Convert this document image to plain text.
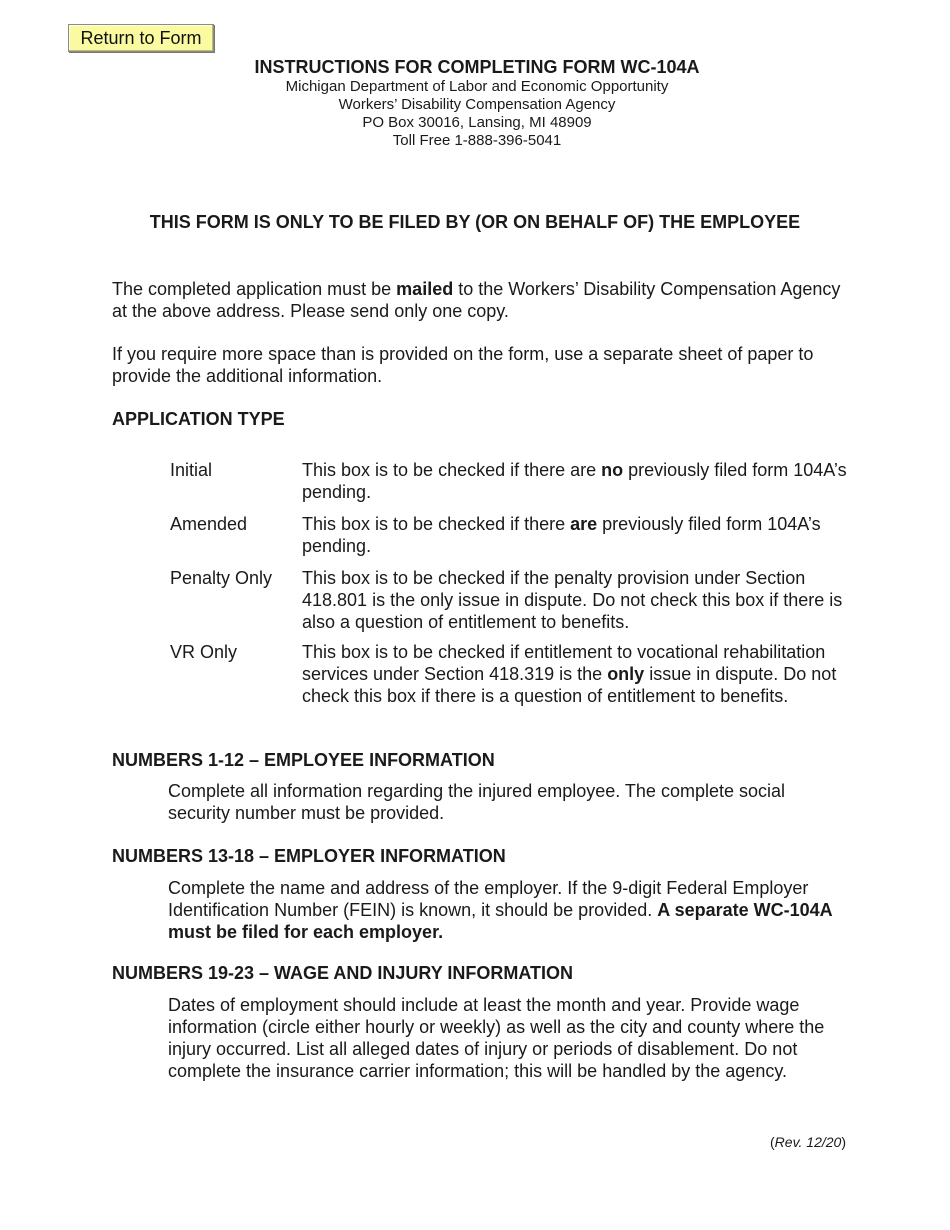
Return to Form
INSTRUCTIONS FOR COMPLETING FORM WC-104A
Michigan Department of Labor and Economic Opportunity
Workers’ Disability Compensation Agency
PO Box 30016, Lansing, MI 48909
Toll Free 1-888-396-5041
THIS FORM IS ONLY TO BE FILED BY (OR ON BEHALF OF) THE EMPLOYEE
The completed application must be mailed to the Workers’ Disability Compensation Agency at the above address. Please send only one copy.
If you require more space than is provided on the form, use a separate sheet of paper to provide the additional information.
APPLICATION TYPE
Initial	This box is to be checked if there are no previously filed form 104A’s pending.
Amended	This box is to be checked if there are previously filed form 104A’s pending.
Penalty Only	This box is to be checked if the penalty provision under Section 418.801 is the only issue in dispute. Do not check this box if there is also a question of entitlement to benefits.
VR Only	This box is to be checked if entitlement to vocational rehabilitation services under Section 418.319 is the only issue in dispute. Do not check this box if there is a question of entitlement to benefits.
NUMBERS 1-12 – EMPLOYEE INFORMATION
Complete all information regarding the injured employee. The complete social security number must be provided.
NUMBERS 13-18 – EMPLOYER INFORMATION
Complete the name and address of the employer. If the 9-digit Federal Employer Identification Number (FEIN) is known, it should be provided. A separate WC-104A must be filed for each employer.
NUMBERS 19-23 – WAGE AND INJURY INFORMATION
Dates of employment should include at least the month and year. Provide wage information (circle either hourly or weekly) as well as the city and county where the injury occurred. List all alleged dates of injury or periods of disablement. Do not complete the insurance carrier information; this will be handled by the agency.
(Rev. 12/20)
